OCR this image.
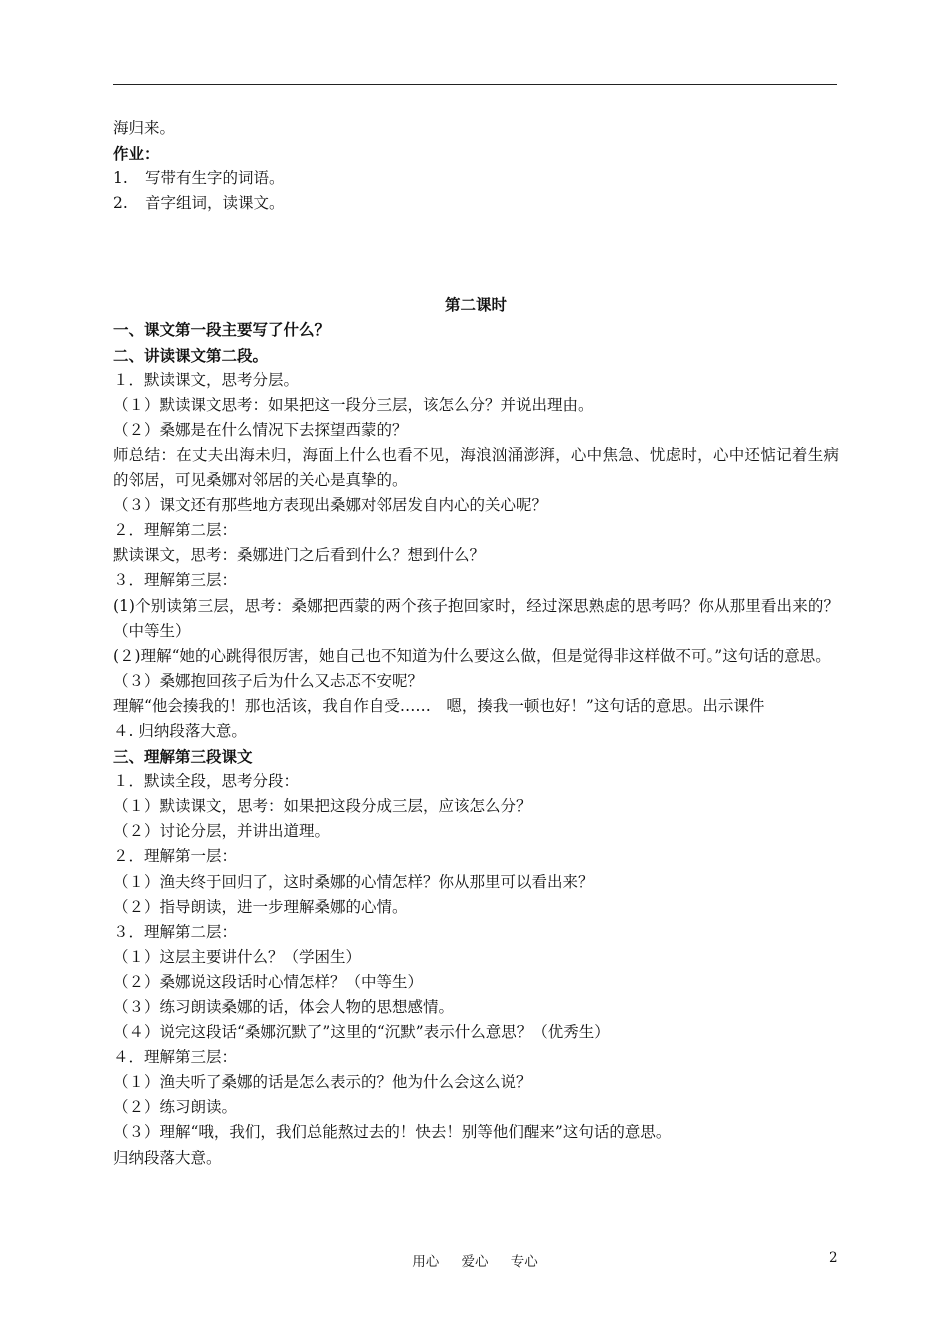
海归来。

作业：

1.	写带有生字的词语。
2.	音字组词，读课文。

第二课时

一、课文第一段主要写了什么？

二、讲读课文第二段。

１．默读课文，思考分层。

（１）默读课文思考：如果把这一段分三层，该怎么分？并说出理由。

（２）桑娜是在什么情况下去探望西蒙的？

师总结：在丈夫出海未归，海面上什么也看不见，海浪汹涌澎湃，心中焦急、忧虑时，心中还惦记着生病的邻居，可见桑娜对邻居的关心是真挚的。

（３）课文还有那些地方表现出桑娜对邻居发自内心的关心呢？

２．理解第二层：

默读课文，思考：桑娜进门之后看到什么？想到什么？

３．理解第三层：

(1)个别读第三层，思考：桑娜把西蒙的两个孩子抱回家时，经过深思熟虑的思考吗？你从那里看出来的？（中等生）

(２)理解“她的心跳得很厉害，她自己也不知道为什么要这么做，但是觉得非这样做不可。”这句话的意思。

（３）桑娜抱回孩子后为什么又忐忑不安呢？

理解“他会揍我的！那也活该，我自作自受……　嗯，揍我一顿也好！”这句话的意思。出示课件

４. 归纳段落大意。

三、理解第三段课文

１．默读全段，思考分段：

（１）默读课文，思考：如果把这段分成三层，应该怎么分？

（２）讨论分层，并讲出道理。

２．理解第一层：

（１）渔夫终于回归了，这时桑娜的心情怎样？你从那里可以看出来？

（２）指导朗读，进一步理解桑娜的心情。

３．理解第二层：

（１）这层主要讲什么？（学困生）

（２）桑娜说这段话时心情怎样？（中等生）

（３）练习朗读桑娜的话，体会人物的思想感情。

（４）说完这段话“桑娜沉默了”这里的“沉默”表示什么意思？（优秀生）

４．理解第三层：

（１）渔夫听了桑娜的话是怎么表示的？他为什么会这么说？

（２）练习朗读。

（３）理解“哦，我们，我们总能熬过去的！快去！别等他们醒来”这句话的意思。

归纳段落大意。

用心 爱心 专心	2
